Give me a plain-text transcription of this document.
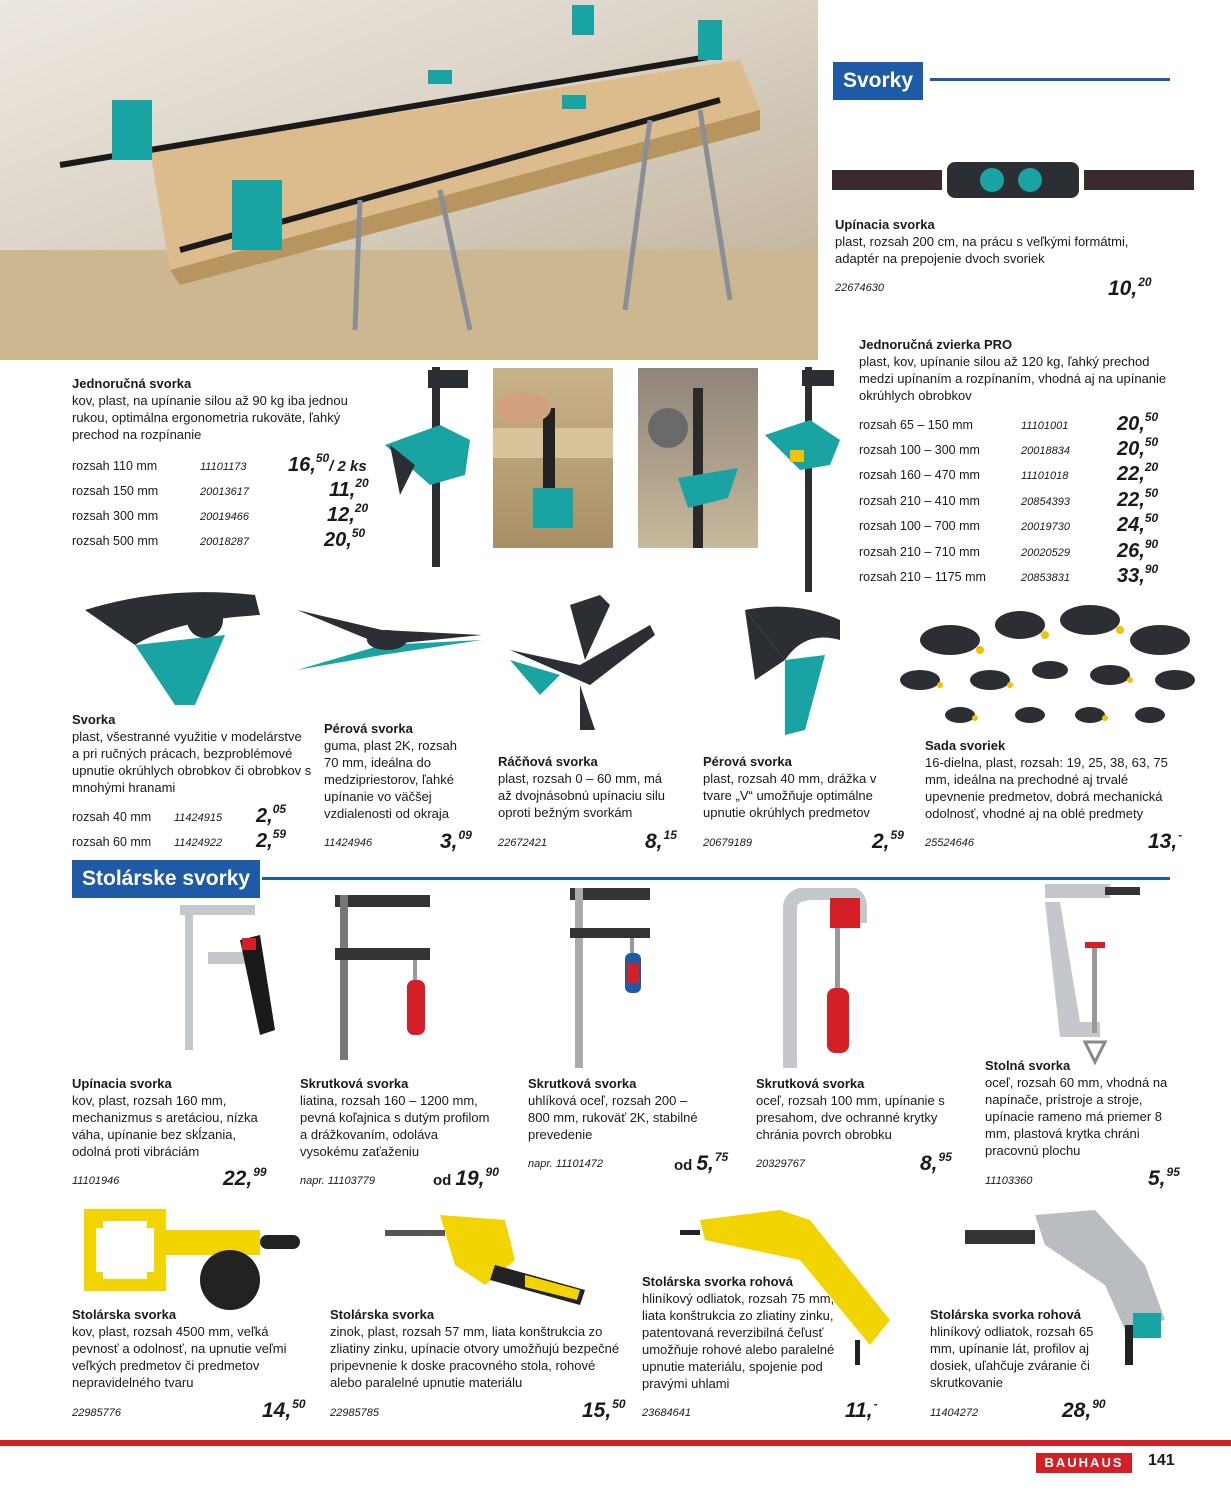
Svorky
Upínacia svorka
plast, rozsah 200 cm, na prácu s veľkými formátmi, adaptér na prepojenie dvoch svoriek
22674630	10,20
Jednoručná svorka
kov, plast, na upínanie silou až 90 kg iba jednou rukou, optimálna ergonometria rukoväte, ľahký prechod na rozpínanie
rozsah 110 mm	11101173 16,50/ 2 ks
rozsah 150 mm	20013617	11,20
rozsah 300 mm	20019466	12,20
rozsah 500 mm	20018287	20,50
Jednoručná zvierka PRO
plast, kov, upínanie silou až 120 kg, ľahký prechod medzi upínaním a rozpínaním, vhodná aj na upínanie okrúhlych obrobkov
rozsah 65 – 150 mm	11101001 20,50
rozsah 100 – 300 mm	20018834 20,50
rozsah 160 – 470 mm	11101018 22,20
rozsah 210 – 410 mm	20854393 22,50
rozsah 100 – 700 mm	20019730 24,50
rozsah 210 – 710 mm	20020529 26,90
rozsah 210 – 1175 mm	20853831 33,90
Svorka
plast, všestranné využitie v modelárstve a pri ručných prácach, bezproblémové upnutie okrúhlych obrobkov či obrobkov s mnohými hranami
rozsah 40 mm 11424915 2,05
rozsah 60 mm 11424922 2,59
Pérová svorka
guma, plast 2K, rozsah 70 mm, ideálna do medzipriestorov, ľahké upínanie vo väčšej vzdialenosti od okraja
11424946	3,09
Ráčňová svorka
plast, rozsah 0 – 60 mm, má až dvojnásobnú upínaciu silu oproti bežným svorkám
22672421	8,15
Pérová svorka
plast, rozsah 40 mm, drážka v tvare „V“ umožňuje optimálne upnutie okrúhlych predmetov
20679189	2,59
Sada svoriek
16-dielna, plast, rozsah: 19, 25, 38, 63, 75 mm, ideálna na prechodné aj trvalé upevnenie predmetov, dobrá mechanická odolnosť, vhodné aj na oblé predmety
25524646	13,-
Stolárske svorky
Upínacia svorka
kov, plast, rozsah 160 mm, mechanizmus s aretáciou, nízka váha, upínanie bez skĺzania, odolná proti vibráciám
11101946	22,99
Skrutková svorka
liatina, rozsah 160 – 1200 mm, pevná koľajnica s dutým profilom a drážkovaním, odoláva vysokému zaťaženiu
napr. 11103779	od 19,90
Skrutková svorka
uhlíková oceľ, rozsah 200 – 800 mm, rukoväť 2K, stabilné prevedenie
napr. 11101472	od 5,75
Skrutková svorka
oceľ, rozsah 100 mm, upínanie s presahom, dve ochranné krytky chránia povrch obrobku
20329767	8,95
Stolná svorka
oceľ, rozsah 60 mm, vhodná na napínače, prístroje a stroje, upínacie rameno má priemer 8 mm, plastová krytka chráni pracovnú plochu
11103360	5,95
Stolárska svorka
kov, plast, rozsah 4500 mm, veľká pevnosť a odolnosť, na upnutie veľmi veľkých predmetov či predmetov nepravidelného tvaru
22985776	14,50
Stolárska svorka
zinok, plast, rozsah 57 mm, liata konštrukcia zo zliatiny zinku, upínacie otvory umožňujú bezpečné pripevnenie k doske pracovného stola, rohové alebo paralelné upnutie materiálu
22985785	15,50
Stolárska svorka rohová
hliníkový odliatok, rozsah 75 mm, liata konštrukcia zo zliatiny zinku, patentovaná reverzibilná čeľusť umožňuje rohové alebo paralelné upnutie materiálu, spojenie pod pravými uhlami
23684641	11,-
Stolárska svorka rohová
hliníkový odliatok, rozsah 65 mm, upínanie lát, profilov aj dosiek, uľahčuje zváranie či skrutkovanie
11404272	28,90
BAUHAUS	141
